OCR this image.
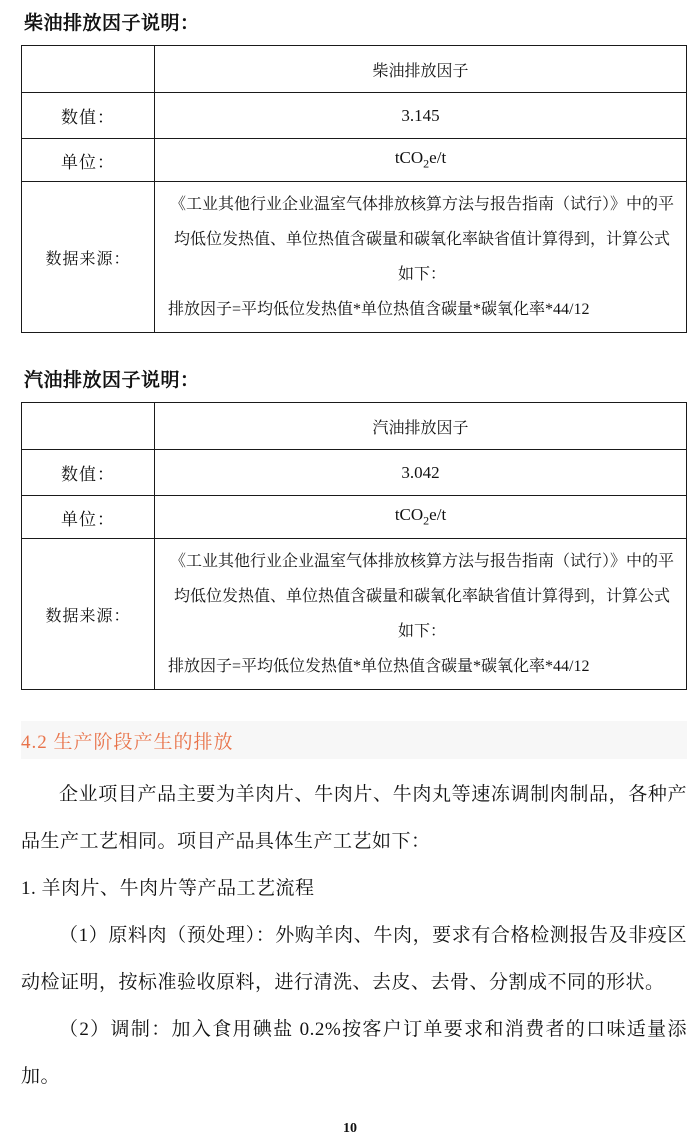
柴油排放因子说明：
	柴油排放因子
数值：	3.145
单位：	tCO$_2$e/t
数据来源：	《工业其他行业企业温室气体排放核算方法与报告指南（试行）》中的平均低位发热值、单位热值含碳量和碳氧化率缺省值计算得到，计算公式如下：
排放因子=平均低位发热值*单位热值含碳量*碳氧化率*44/12
汽油排放因子说明：
	汽油排放因子
数值：	3.042
单位：	tCO$_2$e/t
数据来源：	《工业其他行业企业温室气体排放核算方法与报告指南（试行）》中的平均低位发热值、单位热值含碳量和碳氧化率缺省值计算得到，计算公式如下：
排放因子=平均低位发热值*单位热值含碳量*碳氧化率*44/12
4.2 生产阶段产生的排放

企业项目产品主要为羊肉片、牛肉片、牛肉丸等速冻调制肉制品，各种产品生产工艺相同。项目产品具体生产工艺如下：

1. 羊肉片、牛肉片等产品工艺流程

（1）原料肉（预处理）：外购羊肉、牛肉，要求有合格检测报告及非疫区动检证明，按标准验收原料，进行清洗、去皮、去骨、分割成不同的形状。

（2）调制：加入食用碘盐 0.2%按客户订单要求和消费者的口味适量添加。

10
